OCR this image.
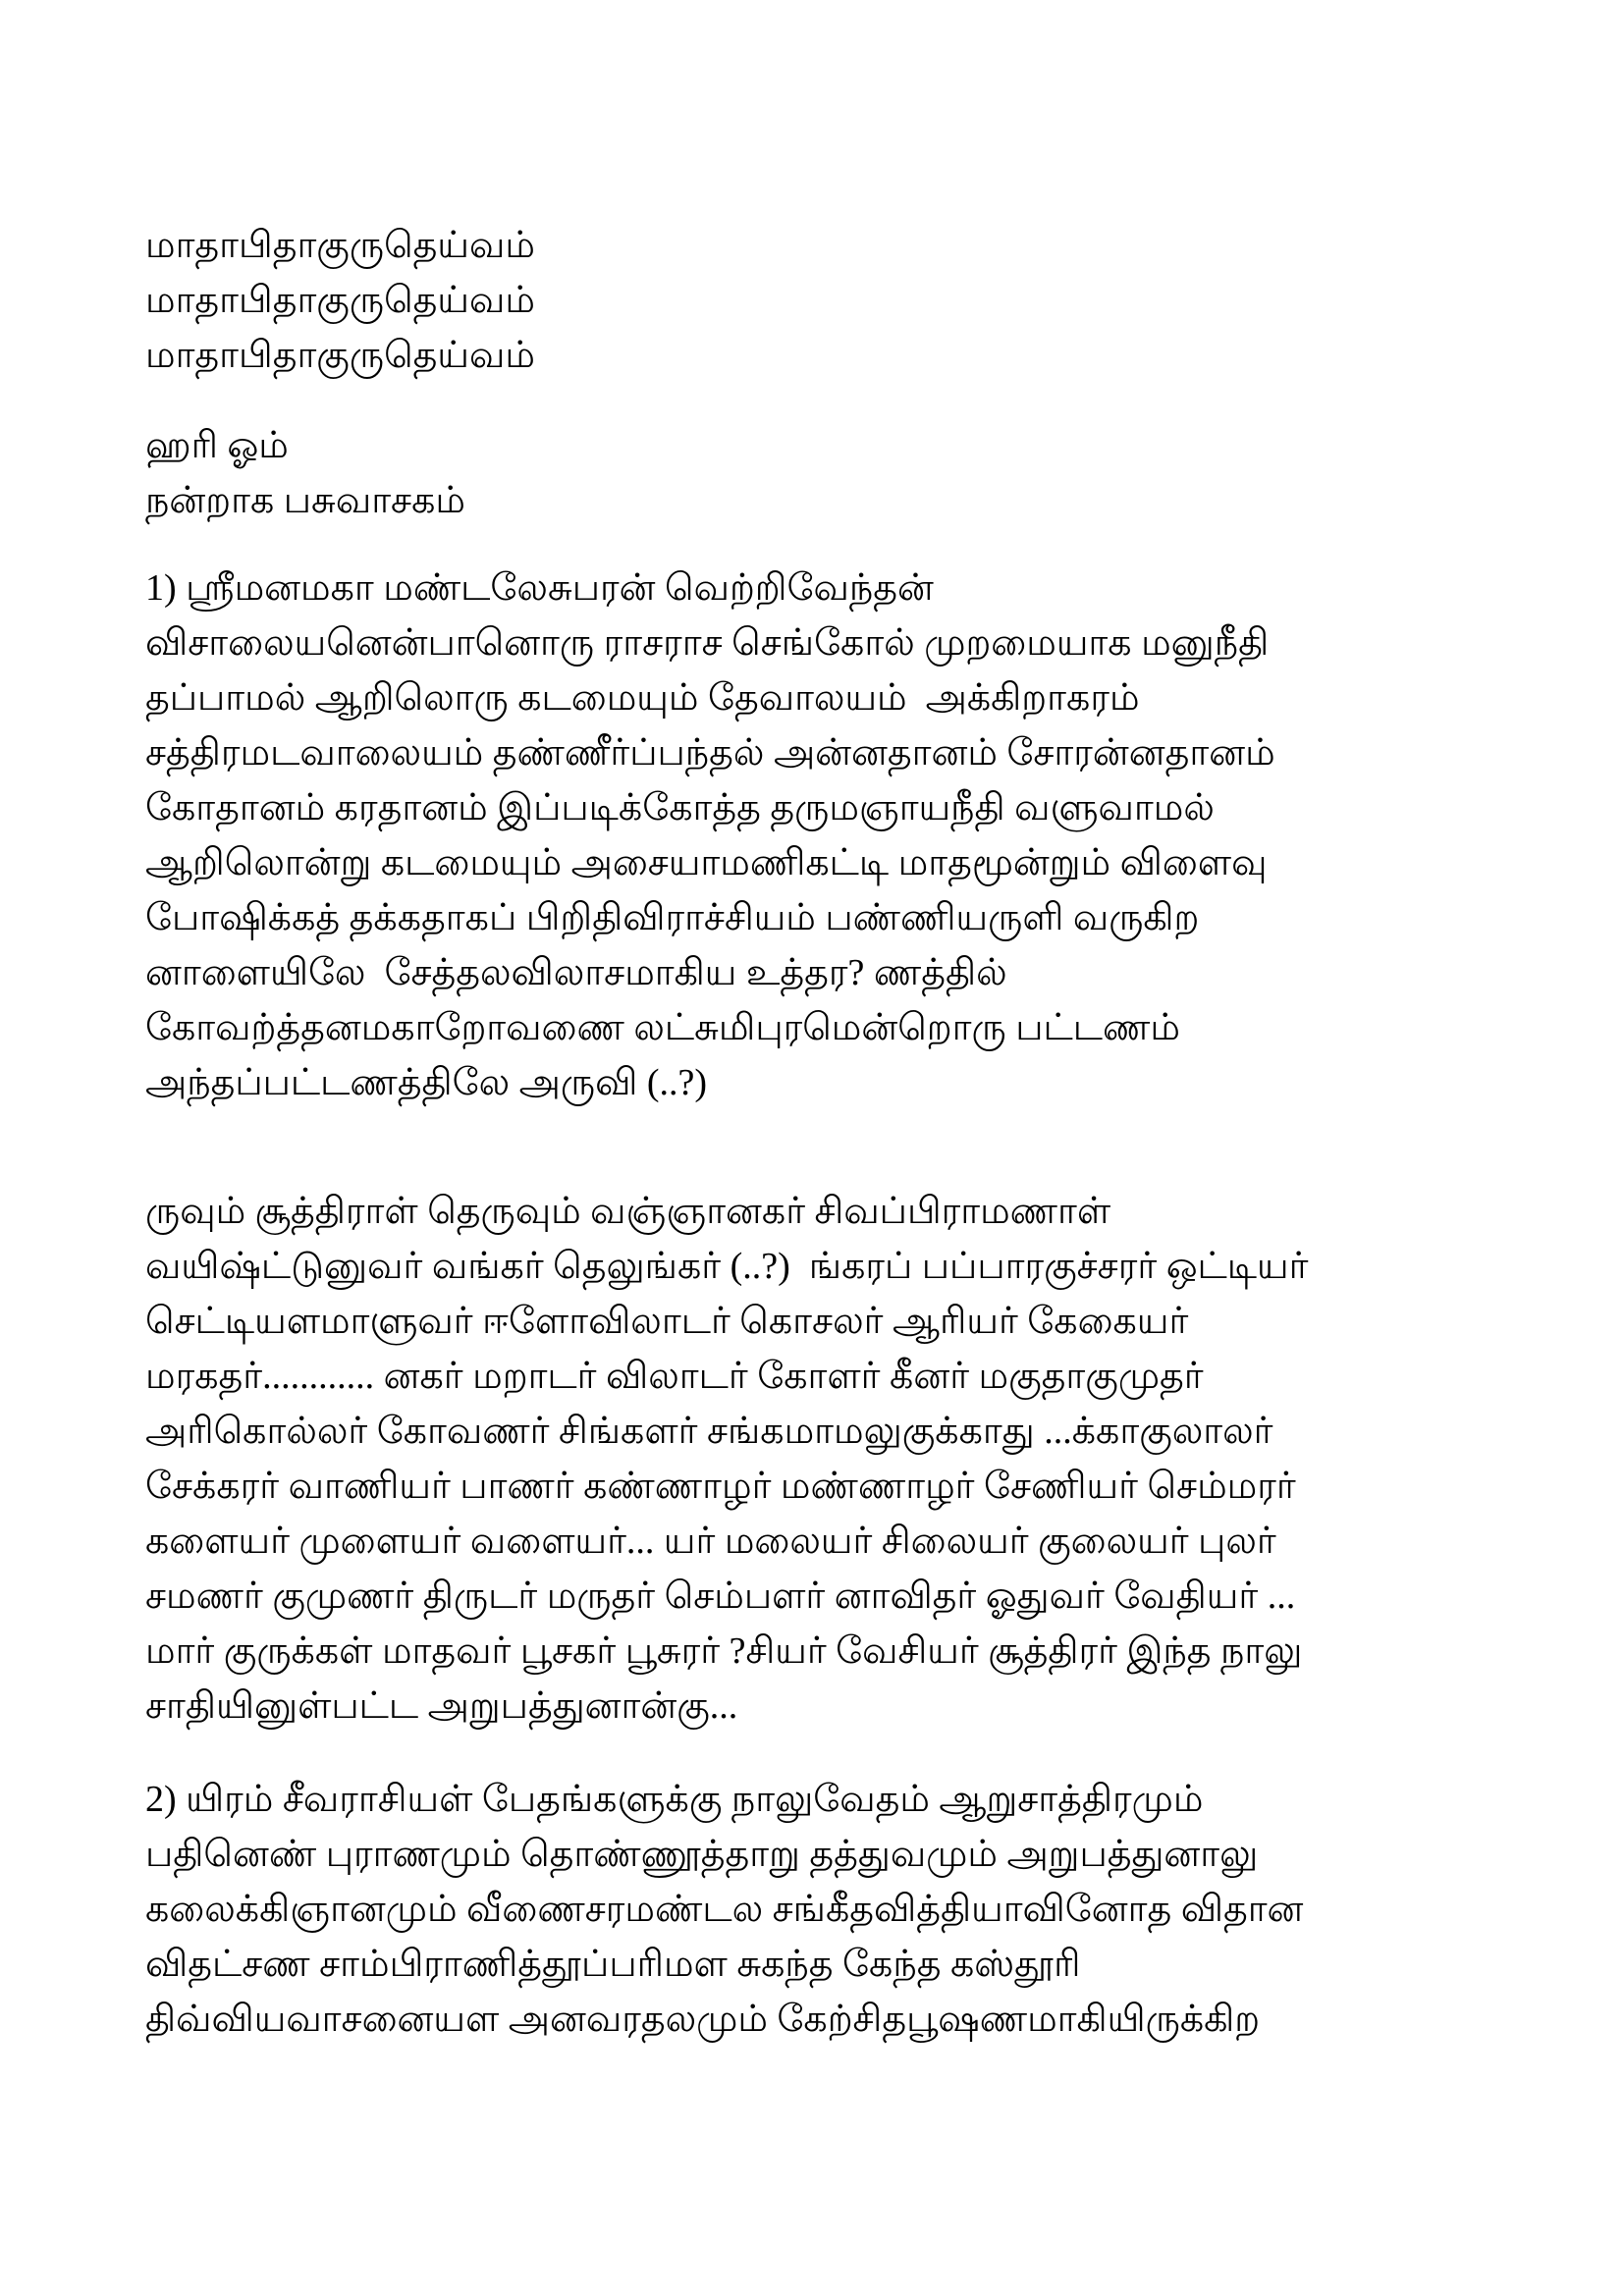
மாதாபிதாகுருதெய்வம்
மாதாபிதாகுருதெய்வம்
மாதாபிதாகுருதெய்வம்
ஹரி ஓம்
நன்றாக பசுவாசகம்
1) ஸ்ரீமனமகா மண்டலேசுபரன் வெற்றிவேந்தன்
விசாலையனென்பானொரு ராசராச செங்கோல் முறமையாக மனுநீதி
தப்பாமல் ஆறிலொரு கடமையும் தேவாலயம்  அக்கிறாகரம்
சத்திரமடவாலையம் தண்ணீர்ப்பந்தல் அன்னதானம் சோரன்னதானம்
கோதானம் கரதானம் இப்படிக்கோத்த தருமஞாயநீதி வளுவாமல்
ஆறிலொன்று கடமையும் அசையாமணிகட்டி மாதமூன்றும் விளைவு
போஷிக்கத் தக்கதாகப் பிறிதிவிராச்சியம் பண்ணியருளி வருகிற
னாளையிலே  சேத்தலவிலாசமாகிய உத்தர? ணத்தில்
கோவற்த்தனமகாறோவணை லட்சுமிபுரமென்றொரு பட்டணம்
அந்தப்பட்டணத்திலே அருவி (..?)
ருவும் சூத்திராள் தெருவும் வஞ்ஞானகர் சிவப்பிராமணாள்
வயிஷ்ட்டுனுவர் வங்கர் தெலுங்கர் (..?)  ங்கரப் பப்பாரகுச்சரர் ஒட்டியர்
செட்டியளமாளுவர் ஈளோவிலாடர் கொசலர் ஆரியர் கேகையர்
மரகதர்............ னகர் மறாடர் விலாடர் கோளர் கீனர் மகுதாகுமுதர்
அரிகொல்லர் கோவணர் சிங்களர் சங்கமாமலுகுக்காது ...க்காகுலாலர்
சேக்கரர் வாணியர் பாணர் கண்ணாழர் மண்ணாழர் சேணியர் செம்மரர்
களையர் முளையர் வளையர்... யர் மலையர் சிலையர் குலையர் புலர்
சமணர் குமுணர் திருடர் மருதர் செம்பளர் னாவிதர் ஓதுவர் வேதியர் ...
மார் குருக்கள் மாதவர் பூசகர் பூசுரர் ?சியர் வேசியர் சூத்திரர் இந்த நாலு
சாதியினுள்பட்ட அறுபத்துனான்கு...
2) யிரம் சீவராசியள் பேதங்களுக்கு நாலுவேதம் ஆறுசாத்திரமும்
பதினெண் புராணமும் தொண்ணூத்தாறு தத்துவமும் அறுபத்துனாலு
கலைக்கிஞானமும் வீணைசரமண்டல சங்கீதவித்தியாவினோத விதான
விதட்சண சாம்பிராணித்தூப்பரிமள சுகந்த கேந்த கஸ்தூரி
திவ்வியவாசனையள அனவரதலமும் கேற்சிதபூஷணமாகியிருக்கிற
